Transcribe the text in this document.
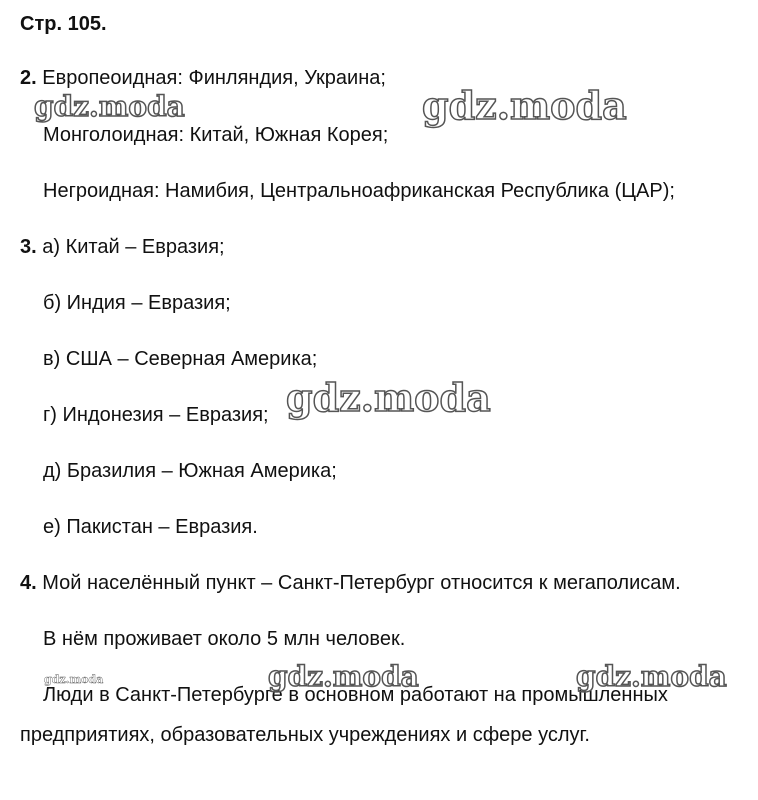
Стр. 105.
2. Европеоидная: Финляндия, Украина;
Монголоидная: Китай, Южная Корея;
Негроидная: Намибия, Центральноафриканская Республика (ЦАР);
3. а) Китай – Евразия;
б) Индия – Евразия;
в) США – Северная Америка;
г) Индонезия – Евразия;
д) Бразилия – Южная Америка;
е) Пакистан – Евразия.
4. Мой населённый пункт – Санкт-Петербург относится к мегаполисам.
В нём проживает около 5 млн человек.
Люди в Санкт-Петербурге в основном работают на промышленных
предприятиях, образовательных учреждениях и сфере услуг.
gdz.moda	gdz.moda
gdz.moda
gdz.moda	gdz.moda	gdz.moda
